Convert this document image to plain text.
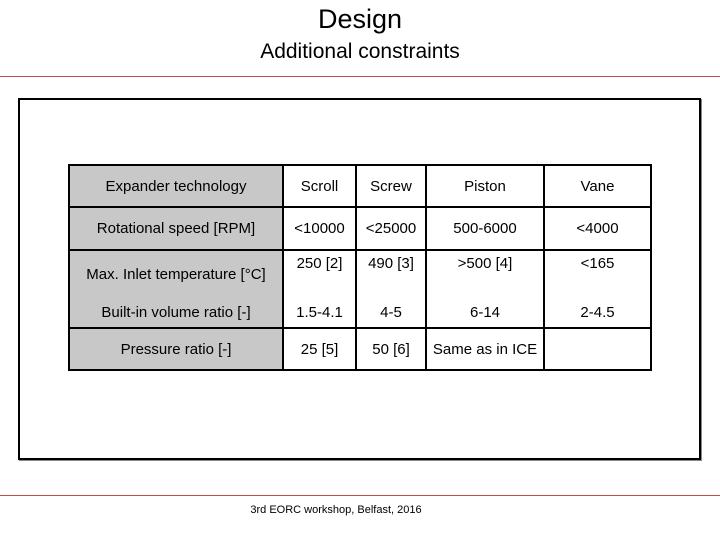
Design
Additional constraints
Expander technology	Scroll	Screw	Piston	Vane
Rotational speed [RPM]	<10000	<25000	500-6000	<4000
Max. Inlet temperature [°C]	250 [2]	490 [3]	>500 [4]	<165
Built-in volume ratio [-]	1.5-4.1	4-5	6-14	2-4.5
Pressure ratio [-]	25 [5]	50 [6]	Same as in ICE	
3rd EORC workshop, Belfast, 2016
